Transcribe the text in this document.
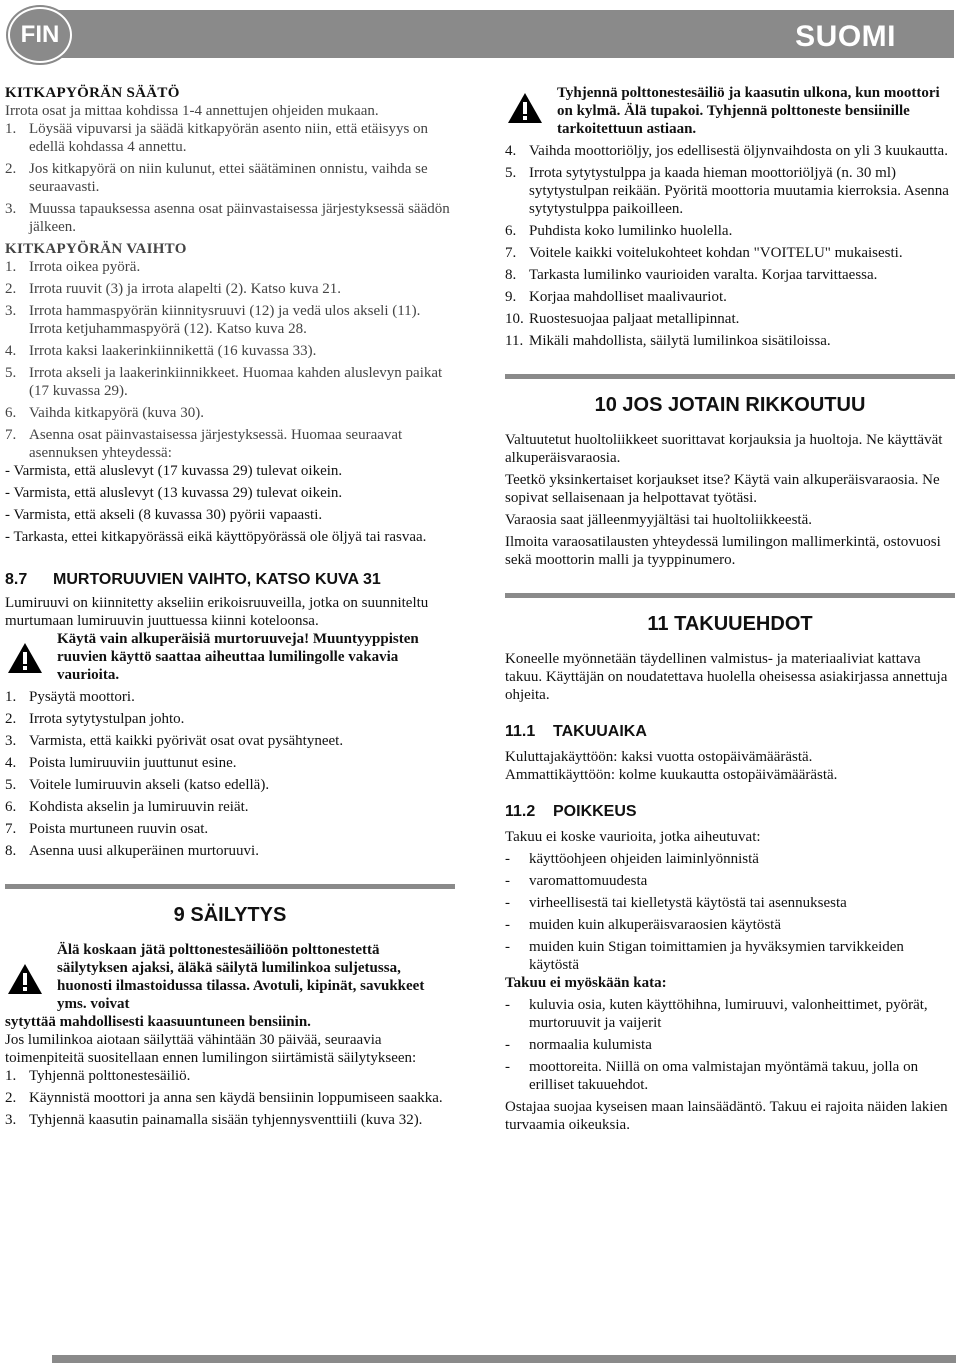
SUOMI
FIN
KITKAPYÖRÄN SÄÄTÖ
Irrota osat ja mittaa kohdissa 1-4 annettujen ohjeiden mukaan.
1. Löysää vipuvarsi ja säädä kitkapyörän asento niin, että etäisyys on edellä kohdassa 4 annettu.
2. Jos kitkapyörä on niin kulunut, ettei säätäminen onnistu, vaihda se seuraavasti.
3. Muussa tapauksessa asenna osat päinvastaisessa järjestyksessä säädön jälkeen.
KITKAPYÖRÄN VAIHTO
1. Irrota oikea pyörä.
2. Irrota ruuvit (3) ja irrota alapelti (2). Katso kuva 21.
3. Irrota hammaspyörän kiinnitysruuvi (12) ja vedä ulos akseli (11). Irrota ketjuhammaspyörä (12). Katso kuva 28.
4. Irrota kaksi laakerinkiinnikettä (16 kuvassa 33).
5. Irrota akseli ja laakerinkiinnikkeet. Huomaa kahden aluslevyn paikat (17 kuvassa 29).
6. Vaihda kitkapyörä (kuva 30).
7. Asenna osat päinvastaisessa järjestyksessä. Huomaa seuraavat asennuksen yhteydessä:
- Varmista, että aluslevyt (17 kuvassa 29) tulevat oikein.
- Varmista, että aluslevyt (13 kuvassa 29) tulevat oikein.
- Varmista, että akseli (8 kuvassa 30) pyörii vapaasti.
- Tarkasta, ettei kitkapyörässä eikä käyttöpyörässä ole öljyä tai rasvaa.
8.7 MURTORUUVIEN VAIHTO, KATSO KUVA 31
Lumiruuvi on kiinnitetty akseliin erikoisruuveilla, jotka on suunniteltu murtumaan lumiruuvin juuttuessa kiinni koteloonsa.
Käytä vain alkuperäisiä murtoruuveja! Muuntyyppisten ruuvien käyttö saattaa aiheuttaa lumilingolle vakavia vaurioita.
1. Pysäytä moottori.
2. Irrota sytytystulpan johto.
3. Varmista, että kaikki pyörivät osat ovat pysähtyneet.
4. Poista lumiruuviin juuttunut esine.
5. Voitele lumiruuvin akseli (katso edellä).
6. Kohdista akselin ja lumiruuvin reiät.
7. Poista murtuneen ruuvin osat.
8. Asenna uusi alkuperäinen murtoruuvi.
9 SÄILYTYS
Älä koskaan jätä polttonestesäiliöön polttonestettä säilytyksen ajaksi, äläkä säilytä lumilinkoa suljetussa, huonosti ilmastoidussa tilassa. Avotuli, kipinät, savukkeet yms. voivat
sytyttää mahdollisesti kaasuuntuneen bensiinin.
Jos lumilinkoa aiotaan säilyttää vähintään 30 päivää, seuraavia toimenpiteitä suositellaan ennen lumilingon siirtämistä säilytykseen:
1. Tyhjennä polttonestesäiliö.
2. Käynnistä moottori ja anna sen käydä bensiinin loppumiseen saakka.
3. Tyhjennä kaasutin painamalla sisään tyhjennysventtiili (kuva 32).
Tyhjennä polttonestesäiliö ja kaasutin ulkona, kun moottori on kylmä. Älä tupakoi. Tyhjennä polttoneste bensiinille tarkoitettuun astiaan.
4. Vaihda moottoriöljy, jos edellisestä öljynvaihdosta on yli 3 kuukautta.
5. Irrota sytytystulppa ja kaada hieman moottoriöljyä (n. 30 ml) sytytystulpan reikään. Pyöritä moottoria muutamia kierroksia. Asenna sytytystulppa paikoilleen.
6. Puhdista koko lumilinko huolella.
7. Voitele kaikki voitelukohteet kohdan "VOITELU" mukaisesti.
8. Tarkasta lumilinko vaurioiden varalta. Korjaa tarvittaessa.
9. Korjaa mahdolliset maalivauriot.
10. Ruostesuojaa paljaat metallipinnat.
11. Mikäli mahdollista, säilytä lumilinkoa sisätiloissa.
10 JOS JOTAIN RIKKOUTUU
Valtuutetut huoltoliikkeet suorittavat korjauksia ja huoltoja. Ne käyttävät alkuperäisvaraosia.
Teetkö yksinkertaiset korjaukset itse? Käytä vain alkuperäisvaraosia. Ne sopivat sellaisenaan ja helpottavat työtäsi.
Varaosia saat jälleenmyyjältäsi tai huoltoliikkeestä.
Ilmoita varaosatilausten yhteydessä lumilingon mallimerkintä, ostovuosi sekä moottorin malli ja tyyppinumero.
11 TAKUUEHDOT
Koneelle myönnetään täydellinen valmistus- ja materiaaliviat kattava takuu. Käyttäjän on noudatettava huolella oheisessa asiakirjassa annettuja ohjeita.
11.1 TAKUUAIKA
Kuluttajakäyttöön: kaksi vuotta ostopäivämäärästä.
Ammattikäyttöön: kolme kuukautta ostopäivämäärästä.
11.2 POIKKEUS
Takuu ei koske vaurioita, jotka aiheutuvat:
- käyttöohjeen ohjeiden laiminlyönnistä
- varomattomuudesta
- virheellisestä tai kielletystä käytöstä tai asennuksesta
- muiden kuin alkuperäisvaraosien käytöstä
- muiden kuin Stigan toimittamien ja hyväksymien tarvikkeiden käytöstä
Takuu ei myöskään kata:
- kuluvia osia, kuten käyttöhihna, lumiruuvi, valonheittimet, pyörät, murtoruuvit ja vaijerit
- normaalia kulumista
- moottoreita. Niillä on oma valmistajan myöntämä takuu, jolla on erilliset takuuehdot.
Ostajaa suojaa kyseisen maan lainsäädäntö. Takuu ei rajoita näiden lakien turvaamia oikeuksia.
